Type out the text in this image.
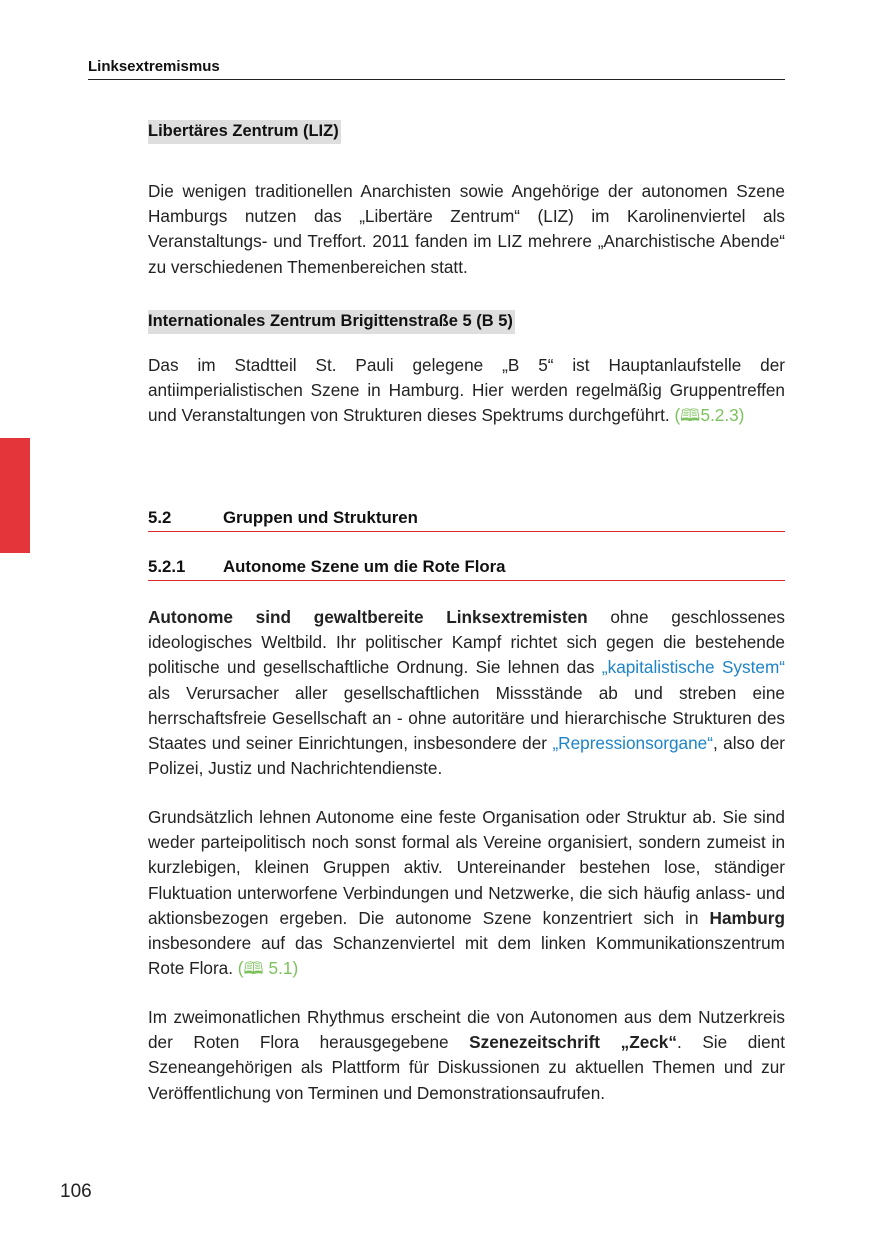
Linksextremismus
Libertäres Zentrum (LIZ)

Die wenigen traditionellen Anarchisten sowie Angehörige der autonomen Szene Hamburgs nutzen das „Libertäre Zentrum“ (LIZ) im Karolinenviertel als Veranstaltungs- und Treffort. 2011 fanden im LIZ mehrere „Anarchistische Abende“ zu verschiedenen Themenbereichen statt.

Internationales Zentrum Brigittenstraße 5 (B 5)

Das im Stadtteil St. Pauli gelegene „B 5“ ist Hauptanlaufstelle der antiimperialistischen Szene in Hamburg. Hier werden regelmäßig Gruppentreffen und Veranstaltungen von Strukturen dieses Spektrums durchgeführt. (🕮5.2.3)

5.2	Gruppen und Strukturen
5.2.1 Autonome Szene um die Rote Flora

Autonome sind gewaltbereite Linksextremisten ohne geschlossenes ideologisches Weltbild. Ihr politischer Kampf richtet sich gegen die bestehende politische und gesellschaftliche Ordnung. Sie lehnen das „kapitalistische System“ als Verursacher aller gesellschaftlichen Missstände ab und streben eine herrschaftsfreie Gesellschaft an - ohne autoritäre und hierarchische Strukturen des Staates und seiner Einrichtungen, insbesondere der „Repressionsorgane“, also der Polizei, Justiz und Nachrichtendienste.

Grundsätzlich lehnen Autonome eine feste Organisation oder Struktur ab. Sie sind weder parteipolitisch noch sonst formal als Vereine organisiert, sondern zumeist in kurzlebigen, kleinen Gruppen aktiv. Untereinander bestehen lose, ständiger Fluktuation unterworfene Verbindungen und Netzwerke, die sich häufig anlass- und aktionsbezogen ergeben. Die autonome Szene konzentriert sich in Hamburg insbesondere auf das Schanzenviertel mit dem linken Kommunikationszentrum Rote Flora. (🕮 5.1)

Im zweimonatlichen Rhythmus erscheint die von Autonomen aus dem Nutzerkreis der Roten Flora herausgegebene Szenezeitschrift „Zeck“. Sie dient Szeneangehörigen als Plattform für Diskussionen zu aktuellen Themen und zur Veröffentlichung von Terminen und Demonstrationsaufrufen.

106
